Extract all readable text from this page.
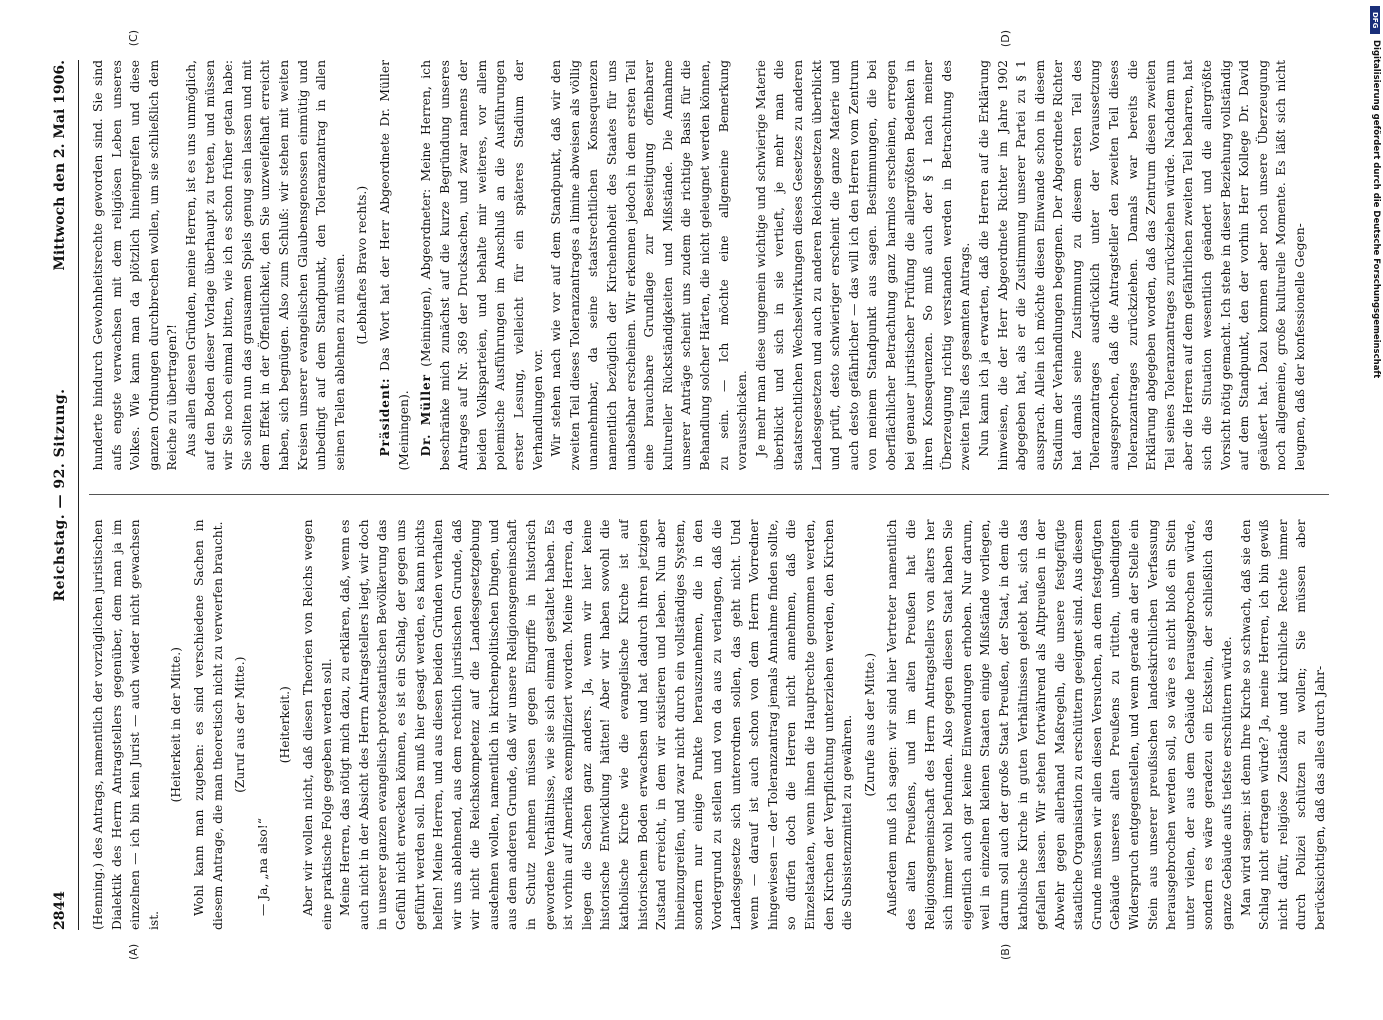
2844
Reichstag. — 92. Sitzung.
Mittwoch den 2. Mai 1906.
(A)	(B)
(C)	(D)

(Henning.) des Antrags, namentlich der vorzüglichen juristischen Dialektik des Herrn Antragstellers gegenüber, dem man ja im einzelnen — ich bin kein Jurist — auch wieder nicht gewachsen ist.

(Heiterkeit in der Mitte.) Wohl kann man zugeben: es sind verschiedene Sachen in diesem Antrage, die man theoretisch nicht zu verwerfen braucht. (Zuruf aus der Mitte.)

— Ja, „na also!“

(Heiterkeit.) Aber wir wollen nicht, daß diesen Theorien von Reichs wegen eine praktische Folge gegeben werden soll. Meine Herren, das nötigt mich dazu, zu erklären, daß, wenn es auch nicht in der Absicht des Herrn Antragstellers liegt, wir doch in unserer ganzen evangelisch-protestantischen Bevölkerung das Gefühl nicht erwecken können, es ist ein Schlag, der gegen uns geführt werden soll. Das muß hier gesagt werden, es kann nichts helfen! Meine Herren, und aus diesen beiden Gründen verhalten wir uns ablehnend, aus dem rechtlich juristischen Grunde, daß wir nicht die Reichskompetenz auf die Landesgesetzgebung ausdehnen wollen, namentlich in kirchenpolitischen Dingen, und aus dem anderen Grunde, daß wir unsere Religionsgemeinschaft in Schutz nehmen müssen gegen Eingriffe in historisch gewordene Verhältnisse, wie sie sich einmal gestaltet haben. Es ist vorhin auf Amerika exemplifiziert worden. Meine Herren, da liegen die Sachen ganz anders. Ja, wenn wir hier keine historische Entwicklung hätten! Aber wir haben sowohl die katholische Kirche wie die evangelische Kirche ist auf historischem Boden erwachsen und hat dadurch ihren jetzigen Zustand erreicht, in dem wir existieren und leben. Nun aber hineinzugreifen, und zwar nicht durch ein vollständiges System, sondern nur einige Punkte herauszunehmen, die in den Vordergrund zu stellen und von da aus zu verlangen, daß die Landesgesetze sich unterordnen sollen, das geht nicht. Und wenn — darauf ist auch schon von dem Herrn Vorredner hingewiesen — der Toleranzantrag jemals Annahme finden sollte, so dürfen doch die Herren nicht annehmen, daß die Einzelstaaten, wenn ihnen die Hauptrechte genommen werden, den Kirchen der Verpflichtung unterziehen werden, den Kirchen die Subsistenzmittel zu gewähren. (Zurufe aus der Mitte.) Außerdem muß ich sagen: wir sind hier Vertreter namentlich des alten Preußens, und im alten Preußen hat die Religionsgemeinschaft des Herrn Antragstellers von alters her sich immer wohl befunden. Also gegen diesen Staat haben Sie eigentlich auch gar keine Einwendungen erhoben. Nur darum, weil in einzelnen kleinen Staaten einige Mißstände vorliegen, darum soll auch der große Staat Preußen, der Staat, in dem die katholische Kirche in guten Verhältnissen gelebt hat, sich das gefallen lassen. Wir stehen fortwährend als Altpreußen in der Abwehr gegen allerhand Maßregeln, die unsere festgefügte staatliche Organisation zu erschüttern geeignet sind. Aus diesem Grunde müssen wir allen diesen Versuchen, an dem festgefügten Gebäude unseres alten Preußens zu rütteln, unbedingten Widerspruch entgegenstellen, und wenn gerade an der Stelle ein Stein aus unserer preußischen landeskirchlichen Verfassung herausgebrochen werden soll, so wäre es nicht bloß ein Stein unter vielen, der aus dem Gebäude herausgebrochen würde, sondern es wäre geradezu ein Eckstein, der schließlich das ganze Gebäude aufs tiefste erschüttern würde. Man wird sagen: ist denn Ihre Kirche so schwach, daß sie den Schlag nicht ertragen würde? Ja, meine Herren, ich bin gewiß nicht dafür, religiöse Zustände und kirchliche Rechte immer durch Polizei schützen zu wollen; Sie müssen aber berücksichtigen, daß das alles durch Jahr-

hunderte hindurch Gewohnheitsrechte geworden sind. Sie sind aufs engste verwachsen mit dem religiösen Leben unseres Volkes. Wie kann man da plötzlich hineingreifen und diese ganzen Ordnungen durchbrechen wollen, um sie schließlich dem Reiche zu übertragen?! Aus allen diesen Gründen, meine Herren, ist es uns unmöglich, auf den Boden dieser Vorlage überhaupt zu treten, und müssen wir Sie noch einmal bitten, wie ich es schon früher getan habe: Sie sollten nun das grausamen Spiels genug sein lassen und mit dem Effekt in der Öffentlichkeit, den Sie unzweifelhaft erreicht haben, sich begnügen. Also zum Schluß: wir stehen mit weiten Kreisen unserer evangelischen Glaubensgenossen einmütig und unbedingt auf dem Standpunkt, den Toleranzantrag in allen seinen Teilen ablehnen zu müssen. (Lebhaftes Bravo rechts.)

Präsident: Das Wort hat der Herr Abgeordnete Dr. Müller (Meiningen). Dr. Müller (Meiningen), Abgeordneter: Meine Herren, ich beschränke mich zunächst auf die kurze Begründung unseres Antrages auf Nr. 369 der Drucksachen, und zwar namens der beiden Volksparteien, und behalte mir weiteres, vor allem polemische Ausführungen im Anschluß an die Ausführungen erster Lesung, vielleicht für ein späteres Stadium der Verhandlungen vor. Wir stehen nach wie vor auf dem Standpunkt, daß wir den zweiten Teil dieses Toleranzantrages a limine abweisen als völlig unannehmbar, da seine staatsrechtlichen Konsequenzen namentlich bezüglich der Kirchenhoheit des Staates für uns unabsehbar erscheinen. Wir erkennen jedoch in dem ersten Teil eine brauchbare Grundlage zur Beseitigung offenbarer kultureller Rückständigkeiten und Mißstände. Die Annahme unserer Anträge scheint uns zudem die richtige Basis für die Behandlung solcher Härten, die nicht geleugnet werden können, zu sein. — Ich möchte eine allgemeine Bemerkung vorausschicken. Je mehr man diese ungemein wichtige und schwierige Materie überblickt und sich in sie vertieft, je mehr man die staatsrechtlichen Wechselwirkungen dieses Gesetzes zu anderen Landesgesetzen und auch zu anderen Reichsgesetzen überblickt und prüft, desto schwieriger erscheint die ganze Materie und auch desto gefährlicher — das will ich den Herren vom Zentrum von meinem Standpunkt aus sagen. Bestimmungen, die bei oberflächlicher Betrachtung ganz harmlos erscheinen, erregen bei genauer juristischer Prüfung die allergrößten Bedenken in ihren Konsequenzen. So muß auch der § 1 nach meiner Überzeugung richtig verstanden werden in Betrachtung des zweiten Teils des gesamten Antrags. Nun kann ich ja erwarten, daß die Herren auf die Erklärung hinweisen, die der Herr Abgeordnete Richter im Jahre 1902 abgegeben hat, als er die Zustimmung unserer Partei zu § 1 aussprach. Allein ich möchte diesen Einwande schon in diesem Stadium der Verhandlungen begegnen. Der Abgeordnete Richter hat damals seine Zustimmung zu diesem ersten Teil des Toleranzantrages ausdrücklich unter der Voraussetzung ausgesprochen, daß die Antragsteller den zweiten Teil dieses Toleranzantrages zurückziehen. Damals war bereits die Erklärung abgegeben worden, daß das Zentrum diesen zweiten Teil seines Toleranzantrages zurückziehen würde. Nachdem nun aber die Herren auf dem gefährlichen zweiten Teil beharren, hat sich die Situation wesentlich geändert und die allergrößte Vorsicht nötig gemacht. Ich stehe in dieser Beziehung vollständig auf dem Standpunkt, den der vorhin Herr Kollege Dr. David geäußert hat. Dazu kommen aber noch unsere Überzeugung noch allgemeine, große kulturelle Momente. Es läßt sich nicht leugnen, daß der konfessionelle Gegen-

DFG
Digitalisierung gefördert durch die Deutsche Forschungsgemeinschaft
